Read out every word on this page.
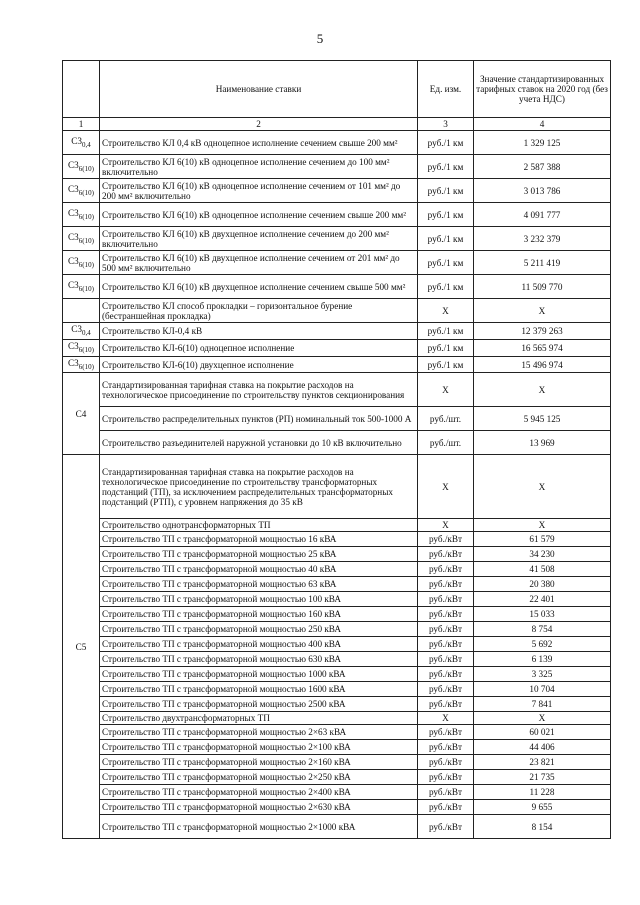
5
	Наименование ставки	Ед. изм.	Значение стандартизированных тарифных ставок на 2020 год (без учета НДС)
1	2	3	4
$С3_{0,4}$	Строительство КЛ 0,4 кВ одноцепное исполнение сечением свыше 200 мм²	руб./1 км	1 329 125
$С3_{6(10)}$	Строительство КЛ 6(10) кВ одноцепное исполнение сечением до 100 мм² включительно	руб./1 км	2 587 388
$С3_{6(10)}$	Строительство КЛ 6(10) кВ одноцепное исполнение сечением от 101 мм² до 200 мм² включительно	руб./1 км	3 013 786
$С3_{6(10)}$	Строительство КЛ 6(10) кВ одноцепное исполнение сечением свыше 200 мм²	руб./1 км	4 091 777
$С3_{6(10)}$	Строительство КЛ 6(10) кВ двухцепное исполнение сечением до 200 мм² включительно	руб./1 км	3 232 379
$С3_{6(10)}$	Строительство КЛ 6(10) кВ двухцепное исполнение сечением от 201 мм² до 500 мм² включительно	руб./1 км	5 211 419
$С3_{6(10)}$	Строительство КЛ 6(10) кВ двухцепное исполнение сечением свыше 500 мм²	руб./1 км	11 509 770
	Строительство КЛ способ прокладки – горизонтальное бурение (бестраншейная прокладка)	Х	Х
$С3_{0,4}$	Строительство КЛ-0,4 кВ	руб./1 км	12 379 263
$С3_{6(10)}$	Строительство КЛ-6(10) одноцепное исполнение	руб./1 км	16 565 974
$С3_{6(10)}$	Строительство КЛ-6(10) двухцепное исполнение	руб./1 км	15 496 974
С4	Стандартизированная тарифная ставка на покрытие расходов на технологическое присоединение по строительству пунктов секционирования	Х	Х
	Строительство распределительных пунктов (РП) номинальный ток 500-1000 А	руб./шт.	5 945 125
	Строительство разъединителей наружной установки до 10 кВ включительно	руб./шт.	13 969
С5	Стандартизированная тарифная ставка на покрытие расходов на технологическое присоединение по строительству трансформаторных подстанций (ТП), за исключением распределительных трансформаторных подстанций (РТП), с уровнем напряжения до 35 кВ	Х	Х
	Строительство однотрансформаторных ТП	Х	Х
	Строительство ТП с трансформаторной мощностью 16 кВА	руб./кВт	61 579
	Строительство ТП с трансформаторной мощностью 25 кВА	руб./кВт	34 230
	Строительство ТП с трансформаторной мощностью 40 кВА	руб./кВт	41 508
	Строительство ТП с трансформаторной мощностью 63 кВА	руб./кВт	20 380
	Строительство ТП с трансформаторной мощностью 100 кВА	руб./кВт	22 401
	Строительство ТП с трансформаторной мощностью 160 кВА	руб./кВт	15 033
	Строительство ТП с трансформаторной мощностью 250 кВА	руб./кВт	8 754
	Строительство ТП с трансформаторной мощностью 400 кВА	руб./кВт	5 692
	Строительство ТП с трансформаторной мощностью 630 кВА	руб./кВт	6 139
	Строительство ТП с трансформаторной мощностью 1000 кВА	руб./кВт	3 325
	Строительство ТП с трансформаторной мощностью 1600 кВА	руб./кВт	10 704
	Строительство ТП с трансформаторной мощностью 2500 кВА	руб./кВт	7 841
	Строительство двухтрансформаторных ТП	Х	Х
	Строительство ТП с трансформаторной мощностью 2×63 кВА	руб./кВт	60 021
	Строительство ТП с трансформаторной мощностью 2×100 кВА	руб./кВт	44 406
	Строительство ТП с трансформаторной мощностью 2×160 кВА	руб./кВт	23 821
	Строительство ТП с трансформаторной мощностью 2×250 кВА	руб./кВт	21 735
	Строительство ТП с трансформаторной мощностью 2×400 кВА	руб./кВт	11 228
	Строительство ТП с трансформаторной мощностью 2×630 кВА	руб./кВт	9 655
	Строительство ТП с трансформаторной мощностью 2×1000 кВА	руб./кВт	8 154
